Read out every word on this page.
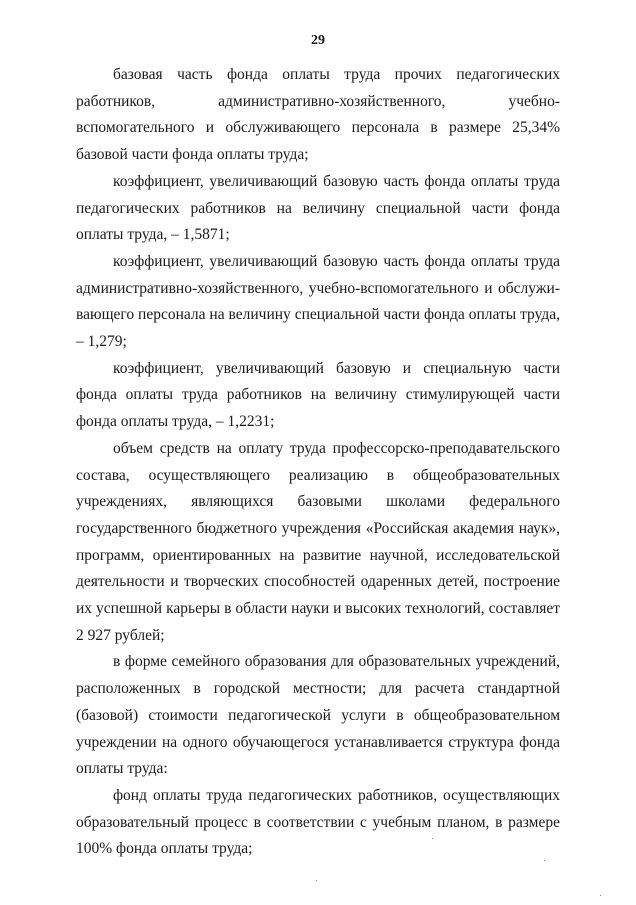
29

базовая часть фонда оплаты труда прочих педагогических работников, административно-хозяйственного, учебно-вспомогательного и обслуживающего персонала в размере 25,34% базовой части фонда оплаты труда;

коэффициент, увеличивающий базовую часть фонда оплаты труда педагогических работников на величину специальной части фонда оплаты труда, – 1,5871;

коэффициент, увеличивающий базовую часть фонда оплаты труда административно-хозяйственного, учебно-вспомогательного и обслуживающего персонала на величину специальной части фонда оплаты труда, – 1,279;

коэффициент, увеличивающий базовую и специальную части фонда оплаты труда работников на величину стимулирующей части фонда оплаты труда, – 1,2231;

объем средств на оплату труда профессорско-преподавательского состава, осуществляющего реализацию в общеобразовательных учреждениях, являющихся базовыми школами федерального государственного бюджетного учреждения «Российская академия наук», программ, ориентированных на развитие научной, исследовательской деятельности и творческих способностей одаренных детей, построение их успешной карьеры в области науки и высоких технологий, составляет 2 927 рублей;

в форме семейного образования для образовательных учреждений, расположенных в городской местности; для расчета стандартной (базовой) стоимости педагогической услуги в общеобразовательном учреждении на одного обучающегося устанавливается структура фонда оплаты труда:

фонд оплаты труда педагогических работников, осуществляющих образовательный процесс в соответствии с учебным планом, в размере 100% фонда оплаты труда;
